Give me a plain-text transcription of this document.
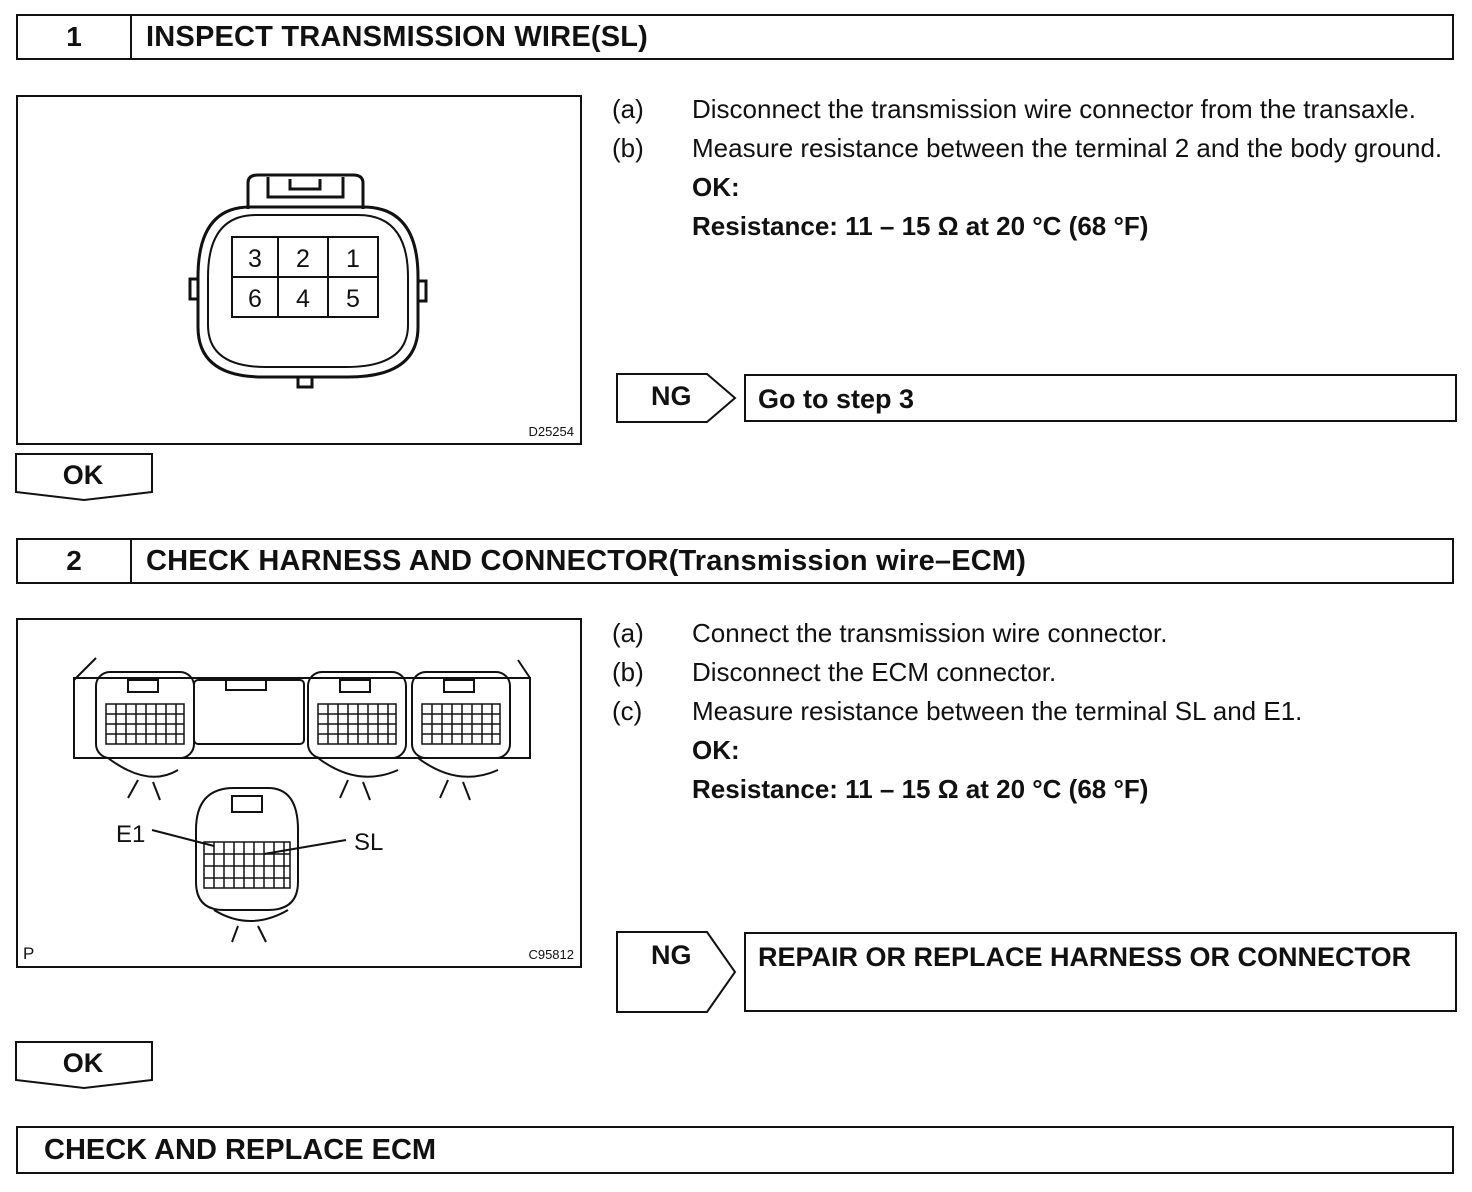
1	INSPECT TRANSMISSION WIRE(SL)
3 2 1
6 4 5
D25254
(a)	Disconnect the transmission wire connector from the transaxle.
(b)	Measure resistance between the terminal 2 and the body ground.
OK:
Resistance: 11 – 15 Ω at 20 °C (68 °F)
NG	Go to step 3
OK
2	CHECK HARNESS AND CONNECTOR(Transmission wire–ECM)
E1	SL
P	C95812
(a)	Connect the transmission wire connector.
(b)	Disconnect the ECM connector.
(c)	Measure resistance between the terminal SL and E1.
OK:
Resistance: 11 – 15 Ω at 20 °C (68 °F)
NG	REPAIR OR REPLACE HARNESS OR CONNECTOR
OK
CHECK AND REPLACE ECM
